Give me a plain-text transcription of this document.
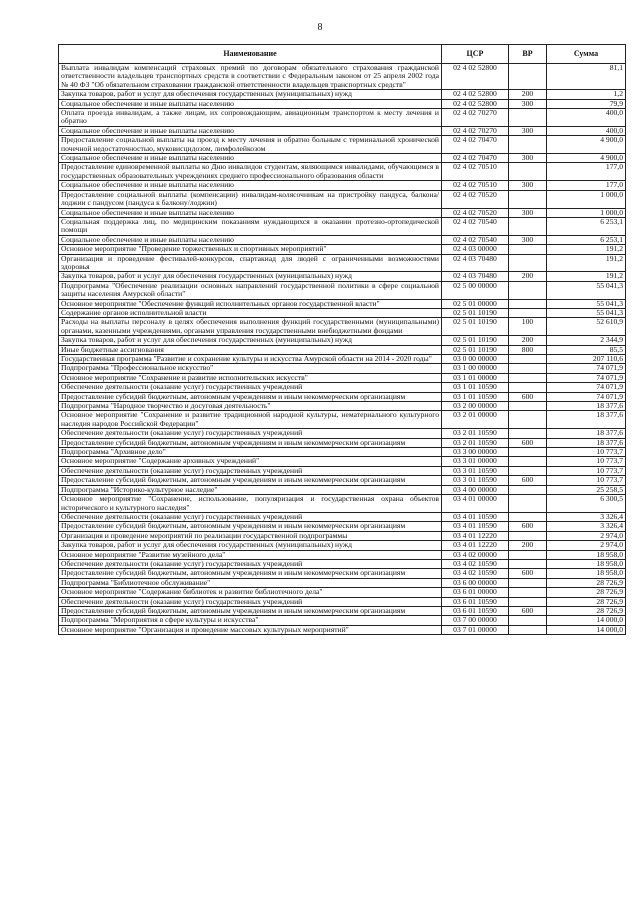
8
Наименование	ЦСР	ВР	Сумма
Выплата инвалидам компенсаций страховых премий по договорам обязательного страхования гражданской ответственности владельцев транспортных средств в соответствии с Федеральным законом от 25 апреля 2002 года № 40 ФЗ "Об обязательном страховании гражданской ответственности владельцев транспортных средств"	02 4 02 52800		81,1
Закупка товаров, работ и услуг для обеспечения государственных (муниципальных) нужд	02 4 02 52800	200	1,2
Социальное обеспечение и иные выплаты населению	02 4 02 52800	300	79,9
Оплата проезда инвалидам, а также лицам, их сопровождающим, авиационным транспортом к месту лечения и обратно	02 4 02 70270		400,0
Социальное обеспечение и иные выплаты населению	02 4 02 70270	300	400,0
Предоставление социальной выплаты на проезд к месту лечения и обратно больным с терминальной хронической почечной недостаточностью, муковисцидозом, лимфолейкозом	02 4 02 70470		4 900,0
Социальное обеспечение и иные выплаты населению	02 4 02 70470	300	4 900,0
Предоставление единовременной выплаты ко Дню инвалидов студентам, являющимся инвалидами, обучающимся в государственных образовательных учреждениях среднего профессионального образования области	02 4 02 70510		177,0
Социальное обеспечение и иные выплаты населению	02 4 02 70510	300	177,0
Предоставление социальной выплаты (компенсации) инвалидам-колясочникам на пристройку пандуса, балкона/лоджии с пандусом (пандуса к балкону/лоджии)	02 4 02 70520		1 000,0
Социальное обеспечение и иные выплаты населению	02 4 02 70520	300	1 000,0
Социальная поддержка лиц, по медицинским показаниям нуждающихся в оказании протезно-ортопедической помощи	02 4 02 70540		6 253,1
Социальное обеспечение и иные выплаты населению	02 4 02 70540	300	6 253,1
Основное мероприятие "Проведение торжественных и спортивных мероприятий"	02 4 03 00000		191,2
Организация и проведение фестивалей-конкурсов, спартакиад для людей с ограниченными возможностями здоровья	02 4 03 70480		191,2
Закупка товаров, работ и услуг для обеспечения государственных (муниципальных) нужд	02 4 03 70480	200	191,2
Подпрограмма "Обеспечение реализации основных направлений государственной политики в сфере социальной защиты населения Амурской области"	02 5 00 00000		55 041,3
Основное мероприятие "Обеспечение функций исполнительных органов государственной власти"	02 5 01 00000		55 041,3
Содержание органов исполнительной власти	02 5 01 10190		55 041,3
Расходы на выплаты персоналу в целях обеспечения выполнения функций государственными (муниципальными) органами, казенными учреждениями, органами управления государственными внебюджетными фондами	02 5 01 10190	100	52 610,9
Закупка товаров, работ и услуг для обеспечения государственных (муниципальных) нужд	02 5 01 10190	200	2 344,9
Иные бюджетные ассигнования	02 5 01 10190	800	85,5
Государственная программа "Развитие и сохранение культуры и искусства Амурской области на 2014 - 2020 годы"	03 0 00 00000		207 110,6
Подпрограмма "Профессиональное искусство"	03 1 00 00000		74 071,9
Основное мероприятие "Сохранение и развитие исполнительских искусств"	03 1 01 00000		74 071,9
Обеспечение деятельности (оказание услуг) государственных учреждений	03 1 01 10590		74 071,9
Предоставление субсидий бюджетным, автономным учреждениям и иным некоммерческим организациям	03 1 01 10590	600	74 071,9
Подпрограмма "Народное творчество и досуговая деятельность"	03 2 00 00000		18 377,6
Основное мероприятие "Сохранение и развитие традиционной народной культуры, нематериального культурного наследия народов Российской Федерации"	03 2 01 00000		18 377,6
Обеспечение деятельности (оказание услуг) государственных учреждений	03 2 01 10590		18 377,6
Предоставление субсидий бюджетным, автономным учреждениям и иным некоммерческим организациям	03 2 01 10590	600	18 377,6
Подпрограмма "Архивное дело"	03 3 00 00000		10 773,7
Основное мероприятие "Содержание архивных учреждений"	03 3 01 00000		10 773,7
Обеспечение деятельности (оказание услуг) государственных учреждений	03 3 01 10590		10 773,7
Предоставление субсидий бюджетным, автономным учреждениям и иным некоммерческим организациям	03 3 01 10590	600	10 773,7
Подпрограмма "Историко-культурное наследие"	03 4 00 00000		25 258,5
Основное мероприятие "Сохранение, использование, популяризация и государственная охрана объектов исторического и культурного наследия"	03 4 01 00000		6 300,5
Обеспечение деятельности (оказание услуг) государственных учреждений	03 4 01 10590		3 326,4
Предоставление субсидий бюджетным, автономным учреждениям и иным некоммерческим организациям	03 4 01 10590	600	3 326,4
Организация и проведение мероприятий по реализации государственной подпрограммы	03 4 01 12220		2 974,0
Закупка товаров, работ и услуг для обеспечения государственных (муниципальных) нужд	03 4 01 12220	200	2 974,0
Основное мероприятие "Развитие музейного дела"	03 4 02 00000		18 958,0
Обеспечение деятельности (оказание услуг) государственных учреждений	03 4 02 10590		18 958,0
Предоставление субсидий бюджетным, автономным учреждениям и иным некоммерческим организациям	03 4 02 10590	600	18 958,0
Подпрограмма "Библиотечное обслуживание"	03 6 00 00000		28 726,9
Основное мероприятие "Содержание библиотек и развитие библиотечного дела"	03 6 01 00000		28 726,9
Обеспечение деятельности (оказание услуг) государственных учреждений	03 6 01 10590		28 726,9
Предоставление субсидий бюджетным, автономным учреждениям и иным некоммерческим организациям	03 6 01 10590	600	28 726,9
Подпрограмма "Мероприятия в сфере культуры и искусства"	03 7 00 00000		14 000,0
Основное мероприятие "Организация и проведение массовых культурных мероприятий"	03 7 01 00000		14 000,0
